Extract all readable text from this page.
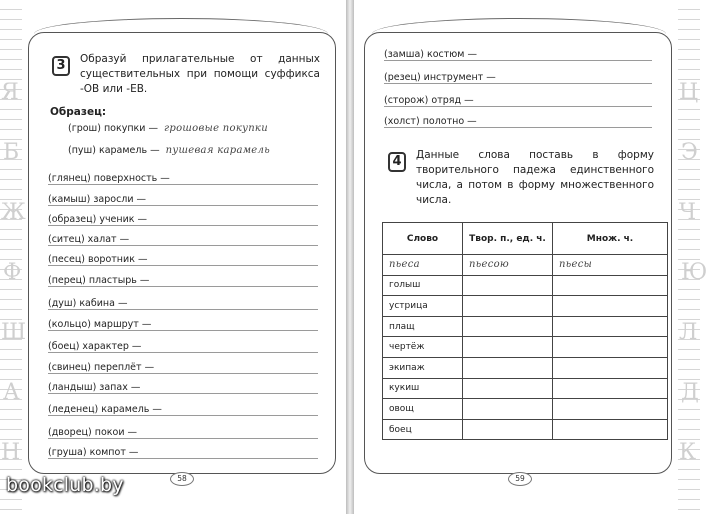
Я
Б
Ж
Ф
Ш
А
Н
3	Образуй прилагательные от данных существительных при помощи суффикса -ОВ или -ЕВ.
Образец:
(грош) покупки — грошовые покупки
(пуш) карамель — пушевая карамель
(глянец) поверхность —
(камыш) заросли —
(образец) ученик —
(ситец) халат —
(песец) воротник —
(перец) пластырь —
(душ) кабина —
(кольцо) маршрут —
(боец) характер —
(свинец) переплёт —
(ландыш) запах —
(леденец) карамель —
(дворец) покои —
(груша) компот —
58
Ц
Э
Ч
Ю
Л
Д
К
(замша) костюм —
(резец) инструмент —
(сторож) отряд —
(холст) полотно —
4	Данные слова поставь в форму творительного падежа единственного числа, а потом в форму множественного числа.
Слово	Твор. п., ед. ч.	Множ. ч.
пьеса	пьесою	пьесы
голыш		
устрица		
плащ		
чертёж		
экипаж		
кукиш		
овощ		
боец		
59
bookclub.by
